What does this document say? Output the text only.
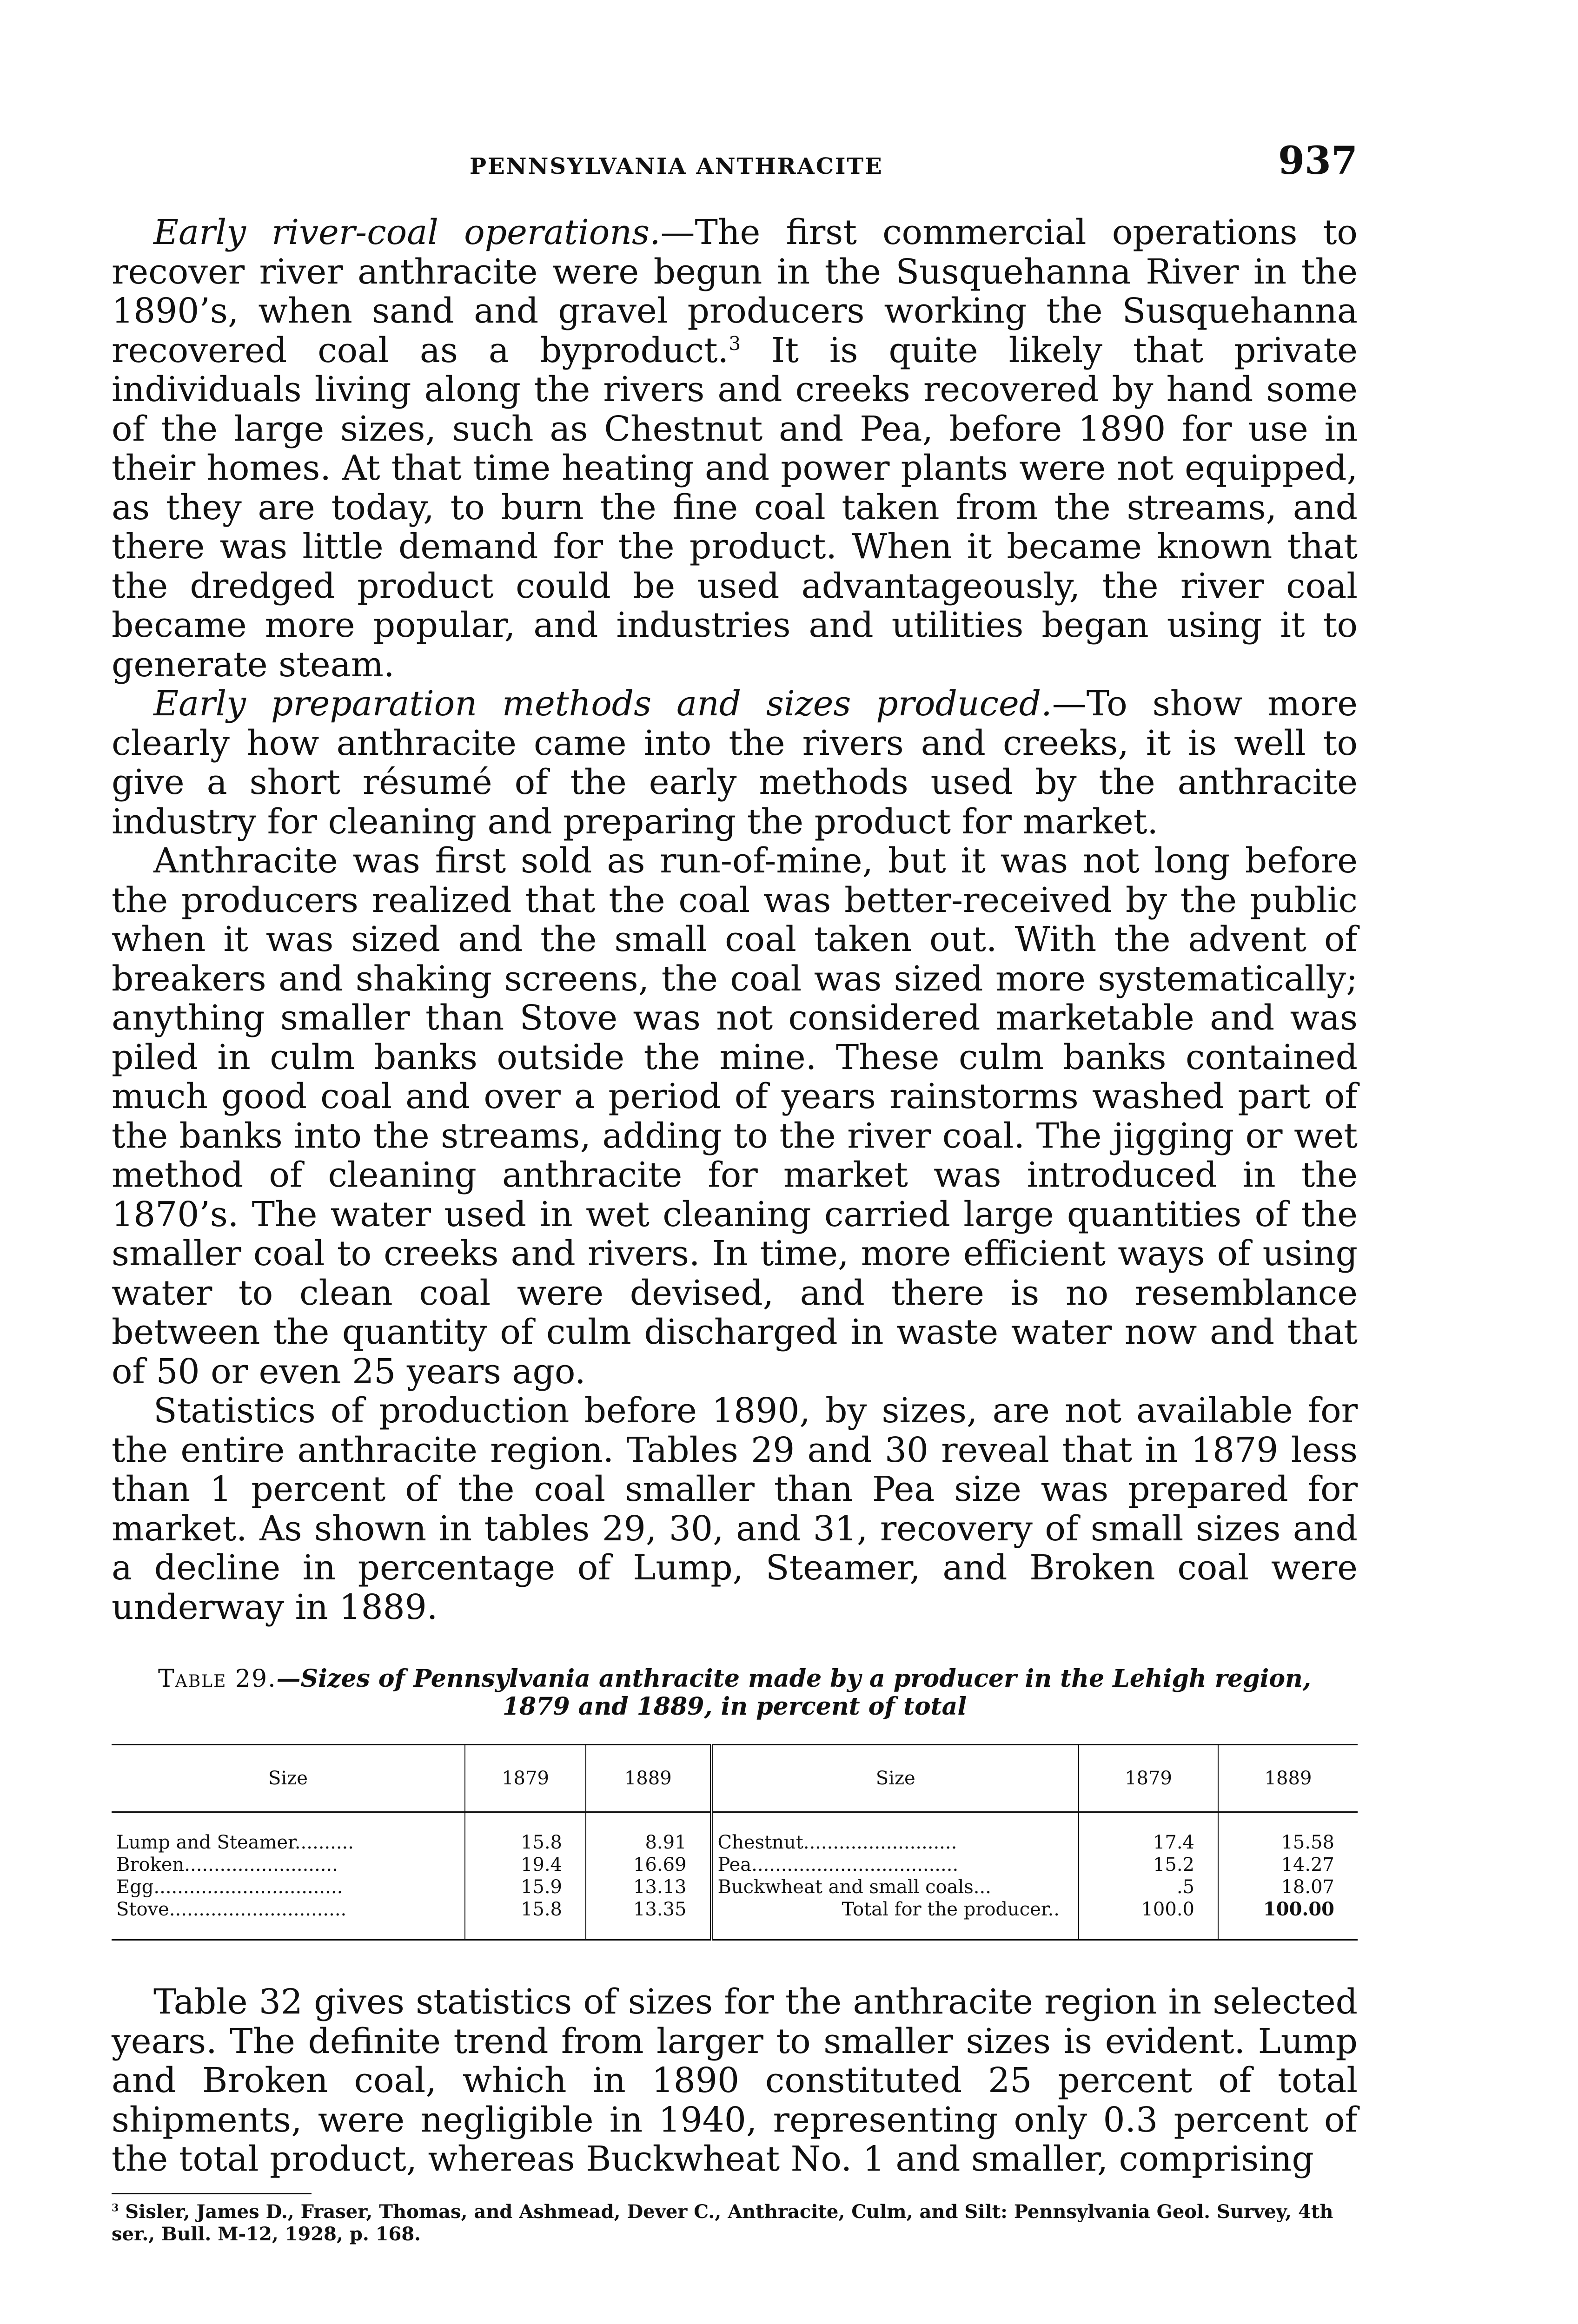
PENNSYLVANIA ANTHRACITE	937

Early river-coal operations.—The first commercial operations to recover river anthracite were begun in the Susquehanna River in the 1890’s, when sand and gravel producers working the Susquehanna recovered coal as a byproduct.$^3$ It is quite likely that private individuals living along the rivers and creeks recovered by hand some of the large sizes, such as Chestnut and Pea, before 1890 for use in their homes. At that time heating and power plants were not equipped, as they are today, to burn the fine coal taken from the streams, and there was little demand for the product. When it became known that the dredged product could be used advantageously, the river coal became more popular, and industries and utilities began using it to generate steam.

Early preparation methods and sizes produced.—To show more clearly how anthracite came into the rivers and creeks, it is well to give a short résumé of the early methods used by the anthracite industry for cleaning and preparing the product for market.

Anthracite was first sold as run-of-mine, but it was not long before the producers realized that the coal was better-received by the public when it was sized and the small coal taken out. With the advent of breakers and shaking screens, the coal was sized more systematically; anything smaller than Stove was not considered marketable and was piled in culm banks outside the mine. These culm banks contained much good coal and over a period of years rainstorms washed part of the banks into the streams, adding to the river coal. The jigging or wet method of cleaning anthracite for market was introduced in the 1870’s. The water used in wet cleaning carried large quantities of the smaller coal to creeks and rivers. In time, more efficient ways of using water to clean coal were devised, and there is no resemblance between the quantity of culm discharged in waste water now and that of 50 or even 25 years ago.

Statistics of production before 1890, by sizes, are not available for the entire anthracite region. Tables 29 and 30 reveal that in 1879 less than 1 percent of the coal smaller than Pea size was prepared for market. As shown in tables 29, 30, and 31, recovery of small sizes and a decline in percentage of Lump, Steamer, and Broken coal were underway in 1889.

Table 29.—Sizes of Pennsylvania anthracite made by a producer in the Lehigh region, 1879 and 1889, in percent of total
Size	1879	1889	Size	1879	1889
Lump and Steamer..........	15.8	8.91	Chestnut..........................	17.4	15.58
Broken..........................	19.4	16.69	Pea...................................	15.2	14.27
Egg................................	15.9	13.13	Buckwheat and small coals...	.5	18.07
Stove..............................	15.8	13.35	Total for the producer..	100.0	100.00

Table 32 gives statistics of sizes for the anthracite region in selected years. The definite trend from larger to smaller sizes is evident. Lump and Broken coal, which in 1890 constituted 25 percent of total shipments, were negligible in 1940, representing only 0.3 percent of the total product, whereas Buckwheat No. 1 and smaller, comprising

$^3$ Sisler, James D., Fraser, Thomas, and Ashmead, Dever C., Anthracite, Culm, and Silt: Pennsylvania Geol. Survey, 4th ser., Bull. M-12, 1928, p. 168.
